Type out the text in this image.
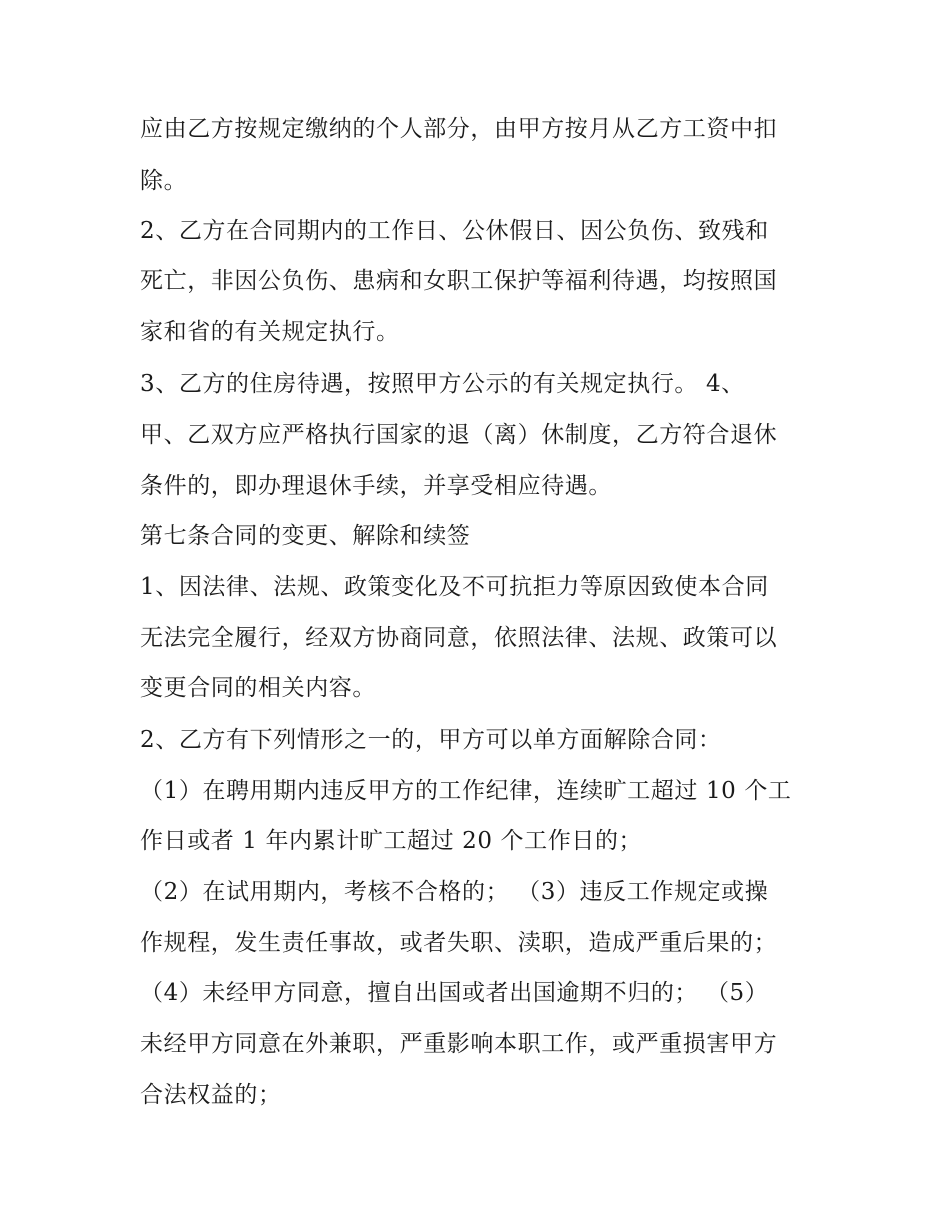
应由乙方按规定缴纳的个人部分，由甲方按月从乙方工资中扣
除。
2、乙方在合同期内的工作日、公休假日、因公负伤、致残和
死亡，非因公负伤、患病和女职工保护等福利待遇，均按照国
家和省的有关规定执行。
3、乙方的住房待遇，按照甲方公示的有关规定执行。 4、
甲、乙双方应严格执行国家的退（离）休制度，乙方符合退休
条件的，即办理退休手续，并享受相应待遇。
第七条合同的变更、解除和续签
1、因法律、法规、政策变化及不可抗拒力等原因致使本合同
无法完全履行，经双方协商同意，依照法律、法规、政策可以
变更合同的相关内容。
2、乙方有下列情形之一的，甲方可以单方面解除合同：
（1）在聘用期内违反甲方的工作纪律，连续旷工超过 10 个工
作日或者 1 年内累计旷工超过 20 个工作日的；
（2）在试用期内，考核不合格的； （3）违反工作规定或操
作规程，发生责任事故，或者失职、渎职，造成严重后果的；
（4）未经甲方同意，擅自出国或者出国逾期不归的； （5）
未经甲方同意在外兼职，严重影响本职工作，或严重损害甲方
合法权益的；
